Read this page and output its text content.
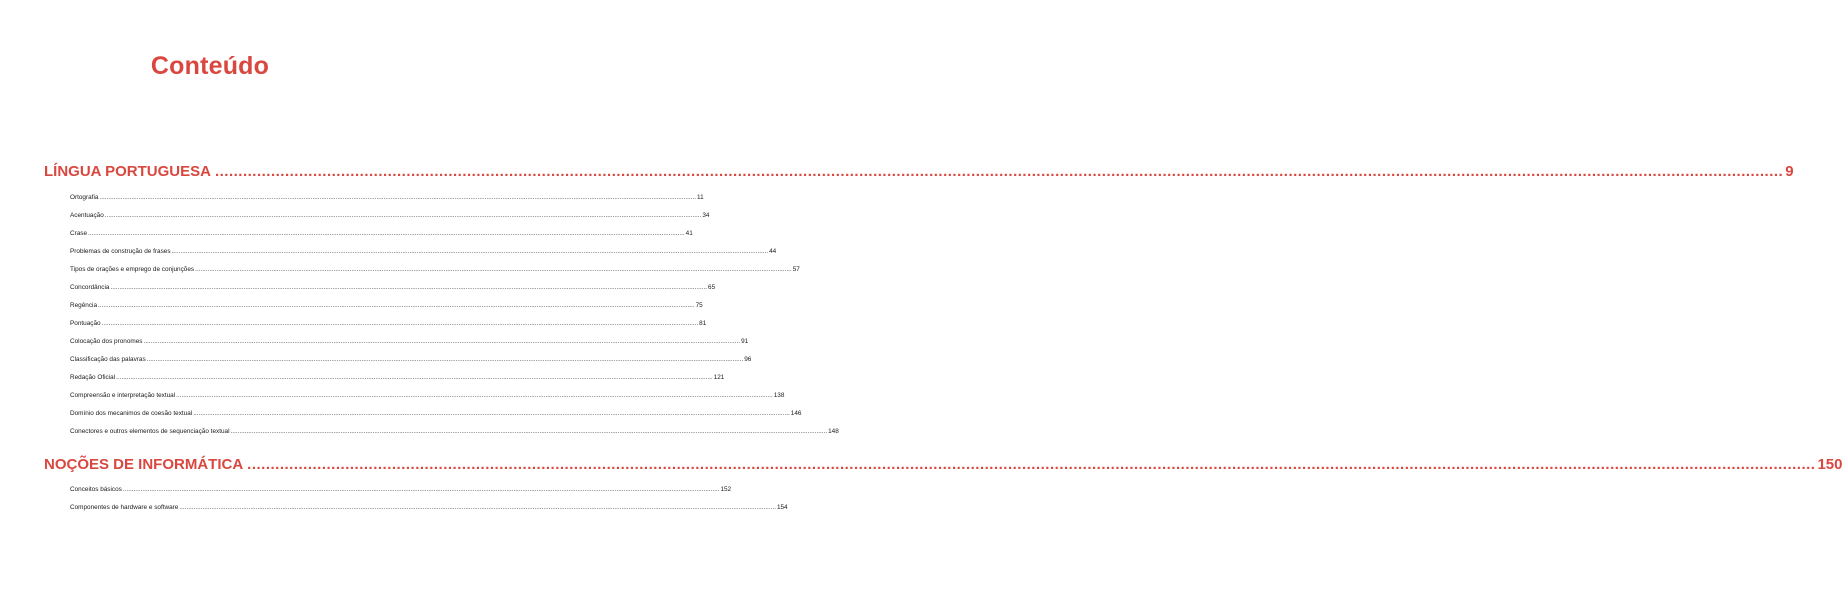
Conteúdo
LÍNGUA PORTUGUESA ................................................................................................................................................................................................................................................................................................................................................ 9
Ortografia ................................................................................................................................................................................................................................................................................................................................................ 11
Acentuação ................................................................................................................................................................................................................................................................................................................................................ 34
Crase ................................................................................................................................................................................................................................................................................................................................................ 41
Problemas de construção de frases ................................................................................................................................................................................................................................................................................................................................................ 44
Tipos de orações e emprego de conjunções ................................................................................................................................................................................................................................................................................................................................................ 57
Concordância ................................................................................................................................................................................................................................................................................................................................................ 65
Regência ................................................................................................................................................................................................................................................................................................................................................ 75
Pontuação ................................................................................................................................................................................................................................................................................................................................................ 81
Colocação dos pronomes ................................................................................................................................................................................................................................................................................................................................................ 91
Classificação das palavras ................................................................................................................................................................................................................................................................................................................................................ 96
Redação Oficial ................................................................................................................................................................................................................................................................................................................................................ 121
Compreensão e interpretação textual ................................................................................................................................................................................................................................................................................................................................................ 138
Domínio dos mecanimos de coesão textual ................................................................................................................................................................................................................................................................................................................................................ 146
Conectores e outros elementos de sequenciação textual ................................................................................................................................................................................................................................................................................................................................................ 148
NOÇÕES DE INFORMÁTICA ................................................................................................................................................................................................................................................................................................................................................ 150
Conceitos básicos ................................................................................................................................................................................................................................................................................................................................................ 152
Componentes de hardware e software ................................................................................................................................................................................................................................................................................................................................................ 154
